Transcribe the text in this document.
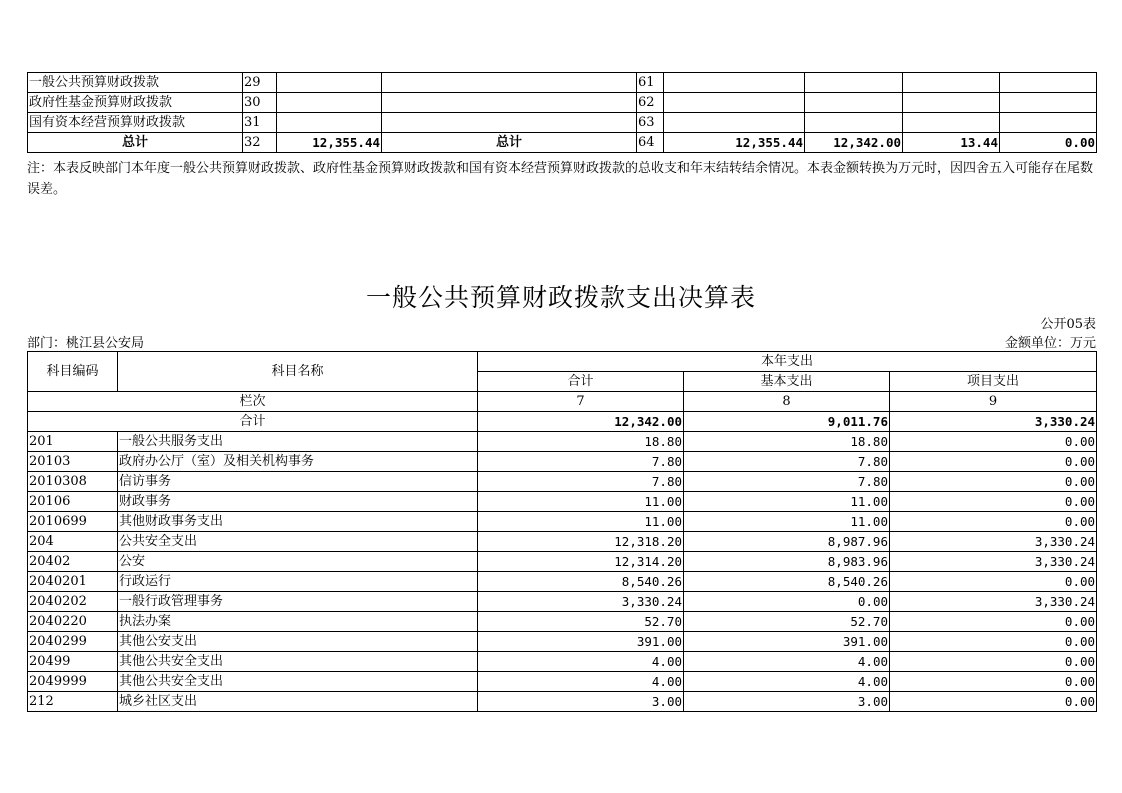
一般公共预算财政拨款	29			61				
政府性基金预算财政拨款	30			62				
国有资本经营预算财政拨款	31			63				
总计	32	12,355.44	总计	64	12,355.44	12,342.00	13.44	0.00
注：本表反映部门本年度一般公共预算财政拨款、政府性基金预算财政拨款和国有资本经营预算财政拨款的总收支和年末结转结余情况。本表金额转换为万元时，因四舍五入可能存在尾数误差。
一般公共预算财政拨款支出决算表
公开05表
部门：桃江县公安局	金额单位：万元
科目编码	科目名称	本年支出		
		合计	基本支出	项目支出
栏次		7	8	9
合计		12,342.00	9,011.76	3,330.24
201	一般公共服务支出	18.80	18.80	0.00
20103	政府办公厅（室）及相关机构事务	7.80	7.80	0.00
2010308	信访事务	7.80	7.80	0.00
20106	财政事务	11.00	11.00	0.00
2010699	其他财政事务支出	11.00	11.00	0.00
204	公共安全支出	12,318.20	8,987.96	3,330.24
20402	公安	12,314.20	8,983.96	3,330.24
2040201	行政运行	8,540.26	8,540.26	0.00
2040202	一般行政管理事务	3,330.24	0.00	3,330.24
2040220	执法办案	52.70	52.70	0.00
2040299	其他公安支出	391.00	391.00	0.00
20499	其他公共安全支出	4.00	4.00	0.00
2049999	其他公共安全支出	4.00	4.00	0.00
212	城乡社区支出	3.00	3.00	0.00
